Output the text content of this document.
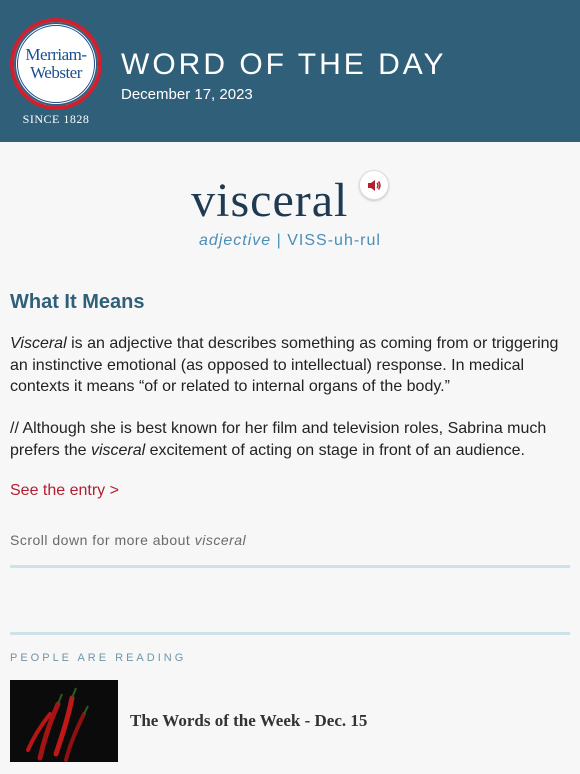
Merriam-
Webster
SINCE 1828
WORD OF THE DAY
December 17, 2023
visceral
adjective | VISS-uh-rul
What It Means

Visceral is an adjective that describes something as coming from or triggering an instinctive emotional (as opposed to intellectual) response. In medical contexts it means “of or related to internal organs of the body.”

// Although she is best known for her film and television roles, Sabrina much prefers the visceral excitement of acting on stage in front of an audience.

See the entry >
Scroll down for more about visceral
PEOPLE ARE READING
The Words of the Week - Dec. 15
